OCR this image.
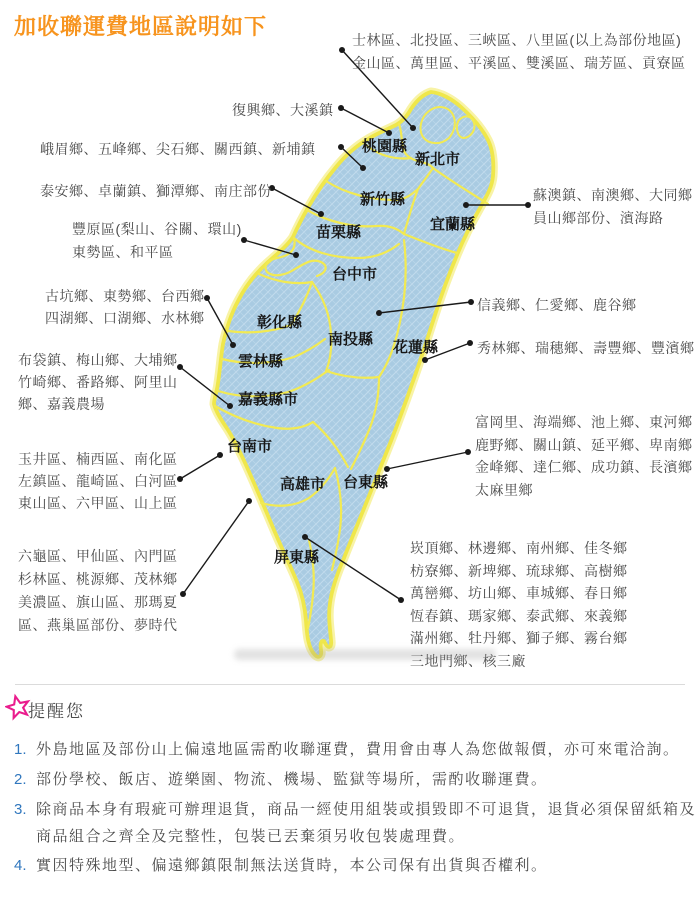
加收聯運費地區說明如下
桃園縣
新北市
新竹縣
宜蘭縣
苗栗縣
台中市
彰化縣
南投縣 花蓮縣
雲林縣
嘉義縣市
台南市
高雄市 台東縣
屏東縣
士林區、北投區、三峽區、八里區(以上為部份地區)
金山區、萬里區、平溪區、雙溪區、瑞芳區、貢寮區
復興鄉、大溪鎮
峨眉鄉、五峰鄉、尖石鄉、關西鎮、新埔鎮
泰安鄉、卓蘭鎮、獅潭鄉、南庄部份
豐原區(梨山、谷關、環山)
東勢區、和平區
古坑鄉、東勢鄉、台西鄉
四湖鄉、口湖鄉、水林鄉
布袋鎮、梅山鄉、大埔鄉
竹崎鄉、番路鄉、阿里山
鄉、嘉義農場
玉井區、楠西區、南化區
左鎮區、龍崎區、白河區
東山區、六甲區、山上區
六龜區、甲仙區、內門區
杉林區、桃源鄉、茂林鄉
美濃區、旗山區、那瑪夏
區、燕巢區部份、夢時代
蘇澳鎮、南澳鄉、大同鄉
員山鄉部份、濱海路
信義鄉、仁愛鄉、鹿谷鄉
秀林鄉、瑞穗鄉、壽豐鄉、豐濱鄉
富岡里、海端鄉、池上鄉、東河鄉
鹿野鄉、關山鎮、延平鄉、卑南鄉
金峰鄉、達仁鄉、成功鎮、長濱鄉
太麻里鄉
崁頂鄉、林邊鄉、南州鄉、佳冬鄉
枋寮鄉、新埤鄉、琉球鄉、高樹鄉
萬巒鄉、坊山鄉、車城鄉、春日鄉
恆春鎮、瑪家鄉、泰武鄉、來義鄉
滿州鄉、牡丹鄉、獅子鄉、霧台鄉
三地門鄉、核三廠
提醒您
1. 外島地區及部份山上偏遠地區需酌收聯運費，費用會由專人為您做報價，亦可來電洽詢。
2. 部份學校、飯店、遊樂園、物流、機場、監獄等場所，需酌收聯運費。
3. 除商品本身有瑕疵可辦理退貨，商品一經使用組裝或損毀即不可退貨，退貨必須保留紙箱及
商品組合之齊全及完整性，包裝已丟棄須另收包裝處理費。
4. 實因特殊地型、偏遠鄉鎮限制無法送貨時，本公司保有出貨與否權利。
